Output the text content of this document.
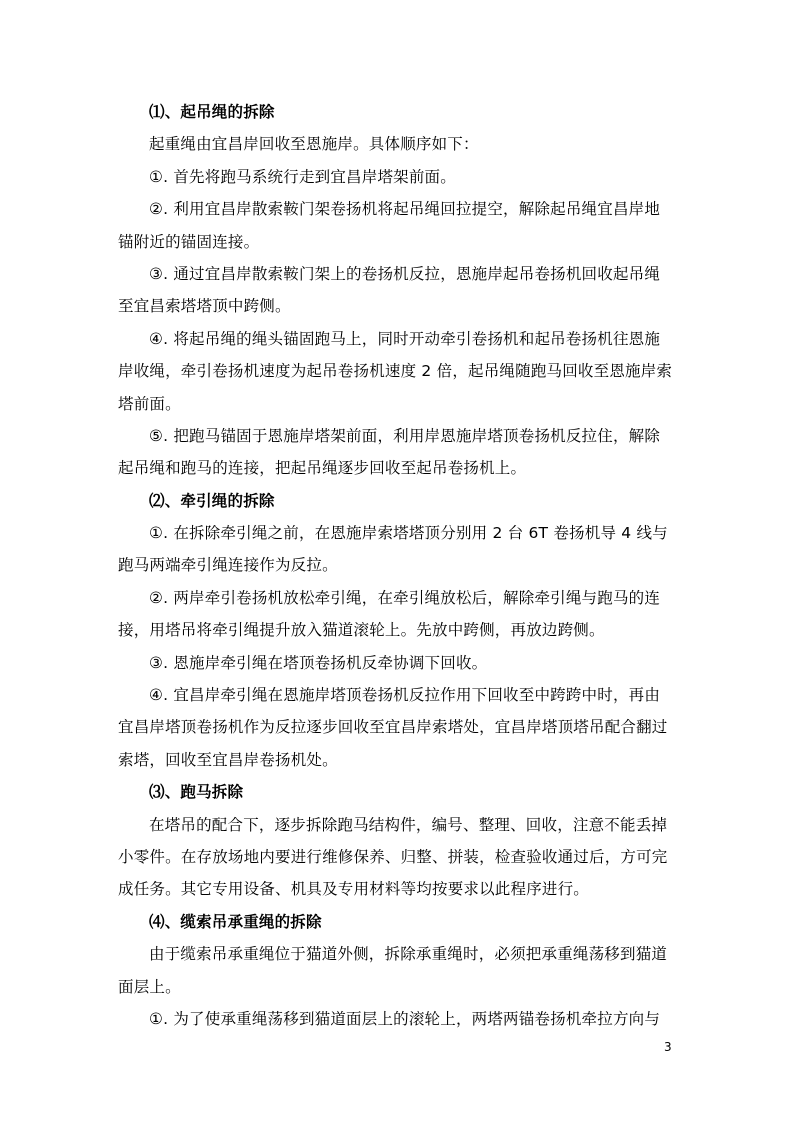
⑴、起吊绳的拆除
起重绳由宜昌岸回收至恩施岸。具体顺序如下：
①. 首先将跑马系统行走到宜昌岸塔架前面。
②. 利用宜昌岸散索鞍门架卷扬机将起吊绳回拉提空，解除起吊绳宜昌岸地
锚附近的锚固连接。
③. 通过宜昌岸散索鞍门架上的卷扬机反拉，恩施岸起吊卷扬机回收起吊绳
至宜昌索塔塔顶中跨侧。
④. 将起吊绳的绳头锚固跑马上，同时开动牵引卷扬机和起吊卷扬机往恩施
岸收绳，牵引卷扬机速度为起吊卷扬机速度 2 倍，起吊绳随跑马回收至恩施岸索
塔前面。
⑤. 把跑马锚固于恩施岸塔架前面，利用岸恩施岸塔顶卷扬机反拉住，解除
起吊绳和跑马的连接，把起吊绳逐步回收至起吊卷扬机上。
⑵、牵引绳的拆除
①. 在拆除牵引绳之前，在恩施岸索塔塔顶分别用 2 台 6T 卷扬机导 4 线与
跑马两端牵引绳连接作为反拉。
②. 两岸牵引卷扬机放松牵引绳，在牵引绳放松后，解除牵引绳与跑马的连
接，用塔吊将牵引绳提升放入猫道滚轮上。先放中跨侧，再放边跨侧。
③. 恩施岸牵引绳在塔顶卷扬机反牵协调下回收。
④. 宜昌岸牵引绳在恩施岸塔顶卷扬机反拉作用下回收至中跨跨中时，再由
宜昌岸塔顶卷扬机作为反拉逐步回收至宜昌岸索塔处，宜昌岸塔顶塔吊配合翻过
索塔，回收至宜昌岸卷扬机处。
⑶、跑马拆除
在塔吊的配合下，逐步拆除跑马结构件，编号、整理、回收，注意不能丢掉
小零件。在存放场地内要进行维修保养、归整、拼装，检查验收通过后，方可完
成任务。其它专用设备、机具及专用材料等均按要求以此程序进行。
⑷、缆索吊承重绳的拆除
由于缆索吊承重绳位于猫道外侧，拆除承重绳时，必须把承重绳荡移到猫道
面层上。
①. 为了使承重绳荡移到猫道面层上的滚轮上，两塔两锚卷扬机牵拉方向与
3
